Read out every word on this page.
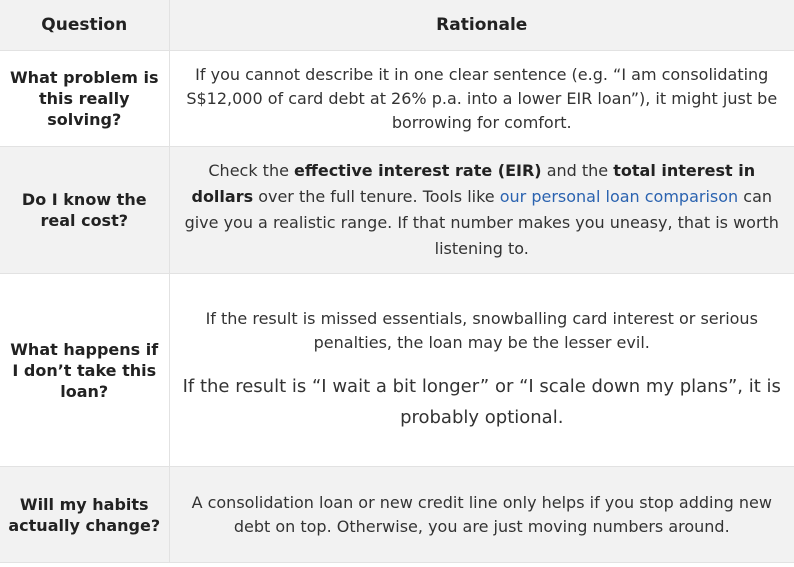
Question	Rationale
What problem is this really solving?	If you cannot describe it in one clear sentence (e.g. “I am consolidating S$12,000 of card debt at 26% p.a. into a lower EIR loan”), it might just be borrowing for comfort.
Do I know the real cost?	Check the effective interest rate (EIR) and the total interest in dollars over the full tenure. Tools like our personal loan comparison can give you a realistic range. If that number makes you uneasy, that is worth listening to.
What happens if I don’t take this loan?	If the result is missed essentials, snowballing card interest or serious penalties, the loan may be the lesser evil.

If the result is “I wait a bit longer” or “I scale down my plans”, it is probably optional.

Will my habits actually change?	A consolidation loan or new credit line only helps if you stop adding new debt on top. Otherwise, you are just moving numbers around.
